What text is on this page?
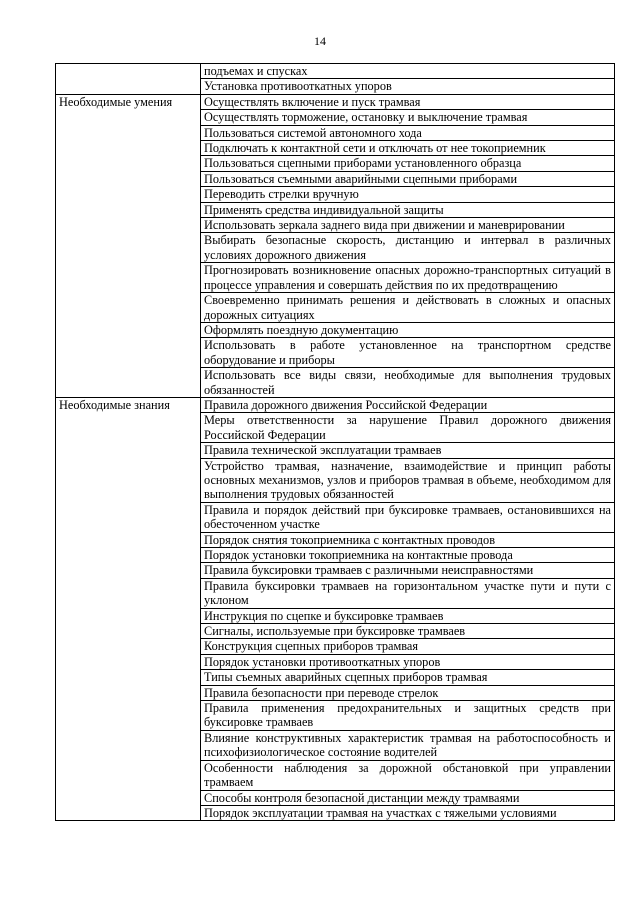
14
	подъемах и спусках
	Установка противооткатных упоров
Необходимые умения	Осуществлять включение и пуск трамвая
	Осуществлять торможение, остановку и выключение трамвая
	Пользоваться системой автономного хода
	Подключать к контактной сети и отключать от нее токоприемник
	Пользоваться сцепными приборами установленного образца
	Пользоваться съемными аварийными сцепными приборами
	Переводить стрелки вручную
	Применять средства индивидуальной защиты
	Использовать зеркала заднего вида при движении и маневрировании
	Выбирать безопасные скорость, дистанцию и интервал в различных условиях дорожного движения
	Прогнозировать возникновение опасных дорожно-транспортных ситуаций в процессе управления и совершать действия по их предотвращению
	Своевременно принимать решения и действовать в сложных и опасных дорожных ситуациях
	Оформлять поездную документацию
	Использовать в работе установленное на транспортном средстве оборудование и приборы
	Использовать все виды связи, необходимые для выполнения трудовых обязанностей
Необходимые знания	Правила дорожного движения Российской Федерации
	Меры ответственности за нарушение Правил дорожного движения Российской Федерации
	Правила технической эксплуатации трамваев
	Устройство трамвая, назначение, взаимодействие и принцип работы основных механизмов, узлов и приборов трамвая в объеме, необходимом для выполнения трудовых обязанностей
	Правила и порядок действий при буксировке трамваев, остановившихся на обесточенном участке
	Порядок снятия токоприемника с контактных проводов
	Порядок установки токоприемника на контактные провода
	Правила буксировки трамваев с различными неисправностями
	Правила буксировки трамваев на горизонтальном участке пути и пути с уклоном
	Инструкция по сцепке и буксировке трамваев
	Сигналы, используемые при буксировке трамваев
	Конструкция сцепных приборов трамвая
	Порядок установки противооткатных упоров
	Типы съемных аварийных сцепных приборов трамвая
	Правила безопасности при переводе стрелок
	Правила применения предохранительных и защитных средств при буксировке трамваев
	Влияние конструктивных характеристик трамвая на работоспособность и психофизиологическое состояние водителей
	Особенности наблюдения за дорожной обстановкой при управлении трамваем
	Способы контроля безопасной дистанции между трамваями
	Порядок эксплуатации трамвая на участках с тяжелыми условиями
